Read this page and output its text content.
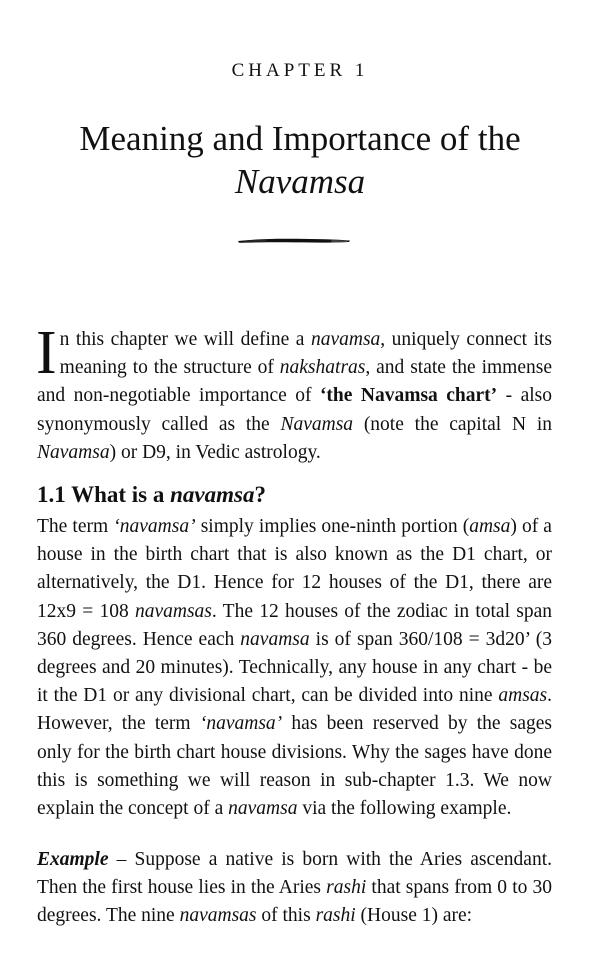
CHAPTER 1
Meaning and Importance of the
Navamsa
In this chapter we will define a navamsa, uniquely connect its meaning to the structure of nakshatras, and state the immense and non-negotiable importance of ‘the Navamsa chart’ - also synonymously called as the Navamsa (note the capital N in Navamsa) or D9, in Vedic astrology.
1.1 What is a navamsa?
The term ‘navamsa’ simply implies one-ninth portion (amsa) of a house in the birth chart that is also known as the D1 chart, or alternatively, the D1. Hence for 12 houses of the D1, there are 12x9 = 108 navamsas. The 12 houses of the zodiac in total span 360 degrees. Hence each navamsa is of span 360/108 = 3d20’ (3 degrees and 20 minutes). Technically, any house in any chart - be it the D1 or any divisional chart, can be divided into nine amsas. However, the term ‘navamsa’ has been reserved by the sages only for the birth chart house divisions. Why the sages have done this is something we will reason in sub-chapter 1.3. We now explain the concept of a navamsa via the following example.
Example – Suppose a native is born with the Aries ascendant. Then the first house lies in the Aries rashi that spans from 0 to 30 degrees. The nine navamsas of this rashi (House 1) are:
